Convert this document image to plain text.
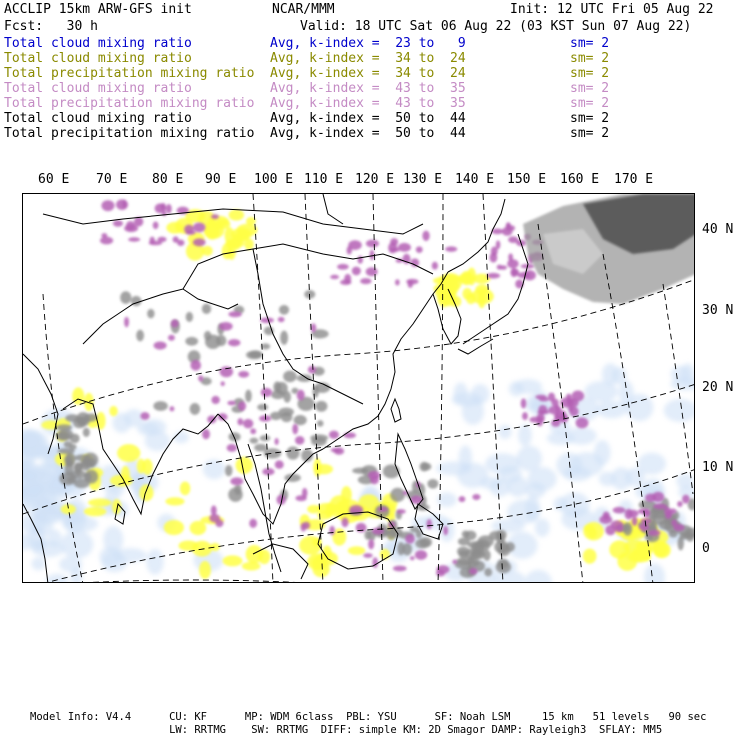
ACCLIP 15km ARW-GFS init	NCAR/MMM	Init: 12 UTC Fri 05 Aug 22
Fcst:   30 h	Valid: 18 UTC Sat 06 Aug 22 (03 KST Sun 07 Aug 22)
Total cloud mixing ratio	Avg, k-index =  23 to   9	sm= 2
Total cloud mixing ratio	Avg, k-index =  34 to  24	sm= 2
Total precipitation mixing ratio Avg, k-index =  34 to  24	sm= 2
Total cloud mixing ratio	Avg, k-index =  43 to  35	sm= 2
Total precipitation mixing ratio Avg, k-index =  43 to  35	sm= 2
Total cloud mixing ratio	Avg, k-index =  50 to  44	sm= 2
Total precipitation mixing ratio Avg, k-index =  50 to  44	sm= 2
60 E 70 E 80 E 90 E 100 E 110 E 120 E 130 E 140 E 150 E 160 E 170 E
40 N
30 N
20 N
10 N
0
Model Info: V4.4      CU: KF      MP: WDM 6class  PBL: YSU      SF: Noah LSM     15 km   51 levels   90 sec
LW: RRTMG    SW: RRTMG  DIFF: simple KM: 2D Smagor DAMP: Rayleigh3  SFLAY: MM5
